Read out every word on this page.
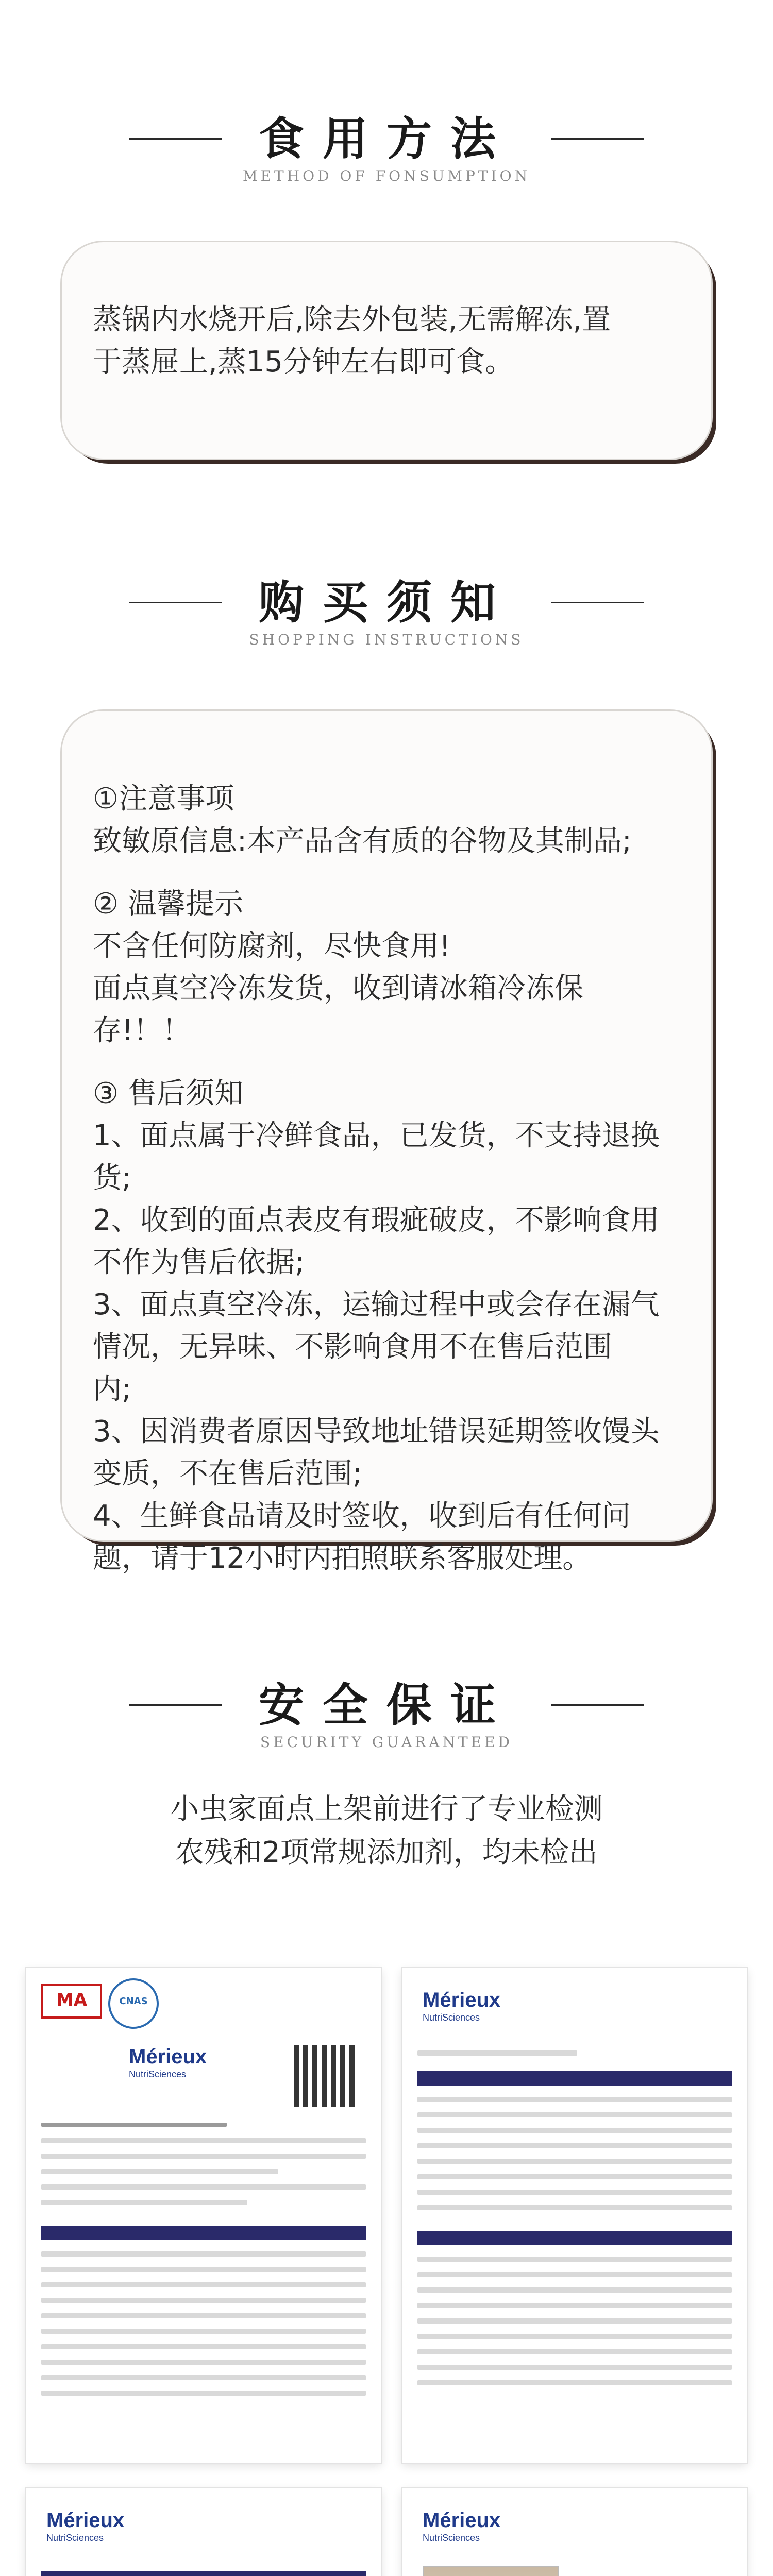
食用方法
METHOD OF FONSUMPTION
蒸锅内水烧开后,除去外包装,无需解冻,置
于蒸屉上,蒸15分钟左右即可食。
购买须知
SHOPPING INSTRUCTIONS
①注意事项
致敏原信息:本产品含有质的谷物及其制品;
② 温馨提示
不含任何防腐剂，尽快食用!
面点真空冷冻发货，收到请冰箱冷冻保存!！！
③ 售后须知
1、面点属于冷鲜食品，已发货，不支持退换
货;
2、收到的面点表皮有瑕疵破皮，不影响食用
不作为售后依据;
3、面点真空冷冻，运输过程中或会存在漏气
情况，无异味、不影响食用不在售后范围
内;
3、因消费者原因导致地址错误延期签收馒头
变质，不在售后范围;
4、生鲜食品请及时签收，收到后有任何问
题，请于12小时内拍照联系客服处理。
安全保证
SECURITY GUARANTEED
小虫家面点上架前进行了专业检测
农残和2项常规添加剂，均未检出
MA	CNAS
Mérieux
NutriSciences
Mérieux
NutriSciences
Mérieux
NutriSciences
Mérieux
NutriSciences
